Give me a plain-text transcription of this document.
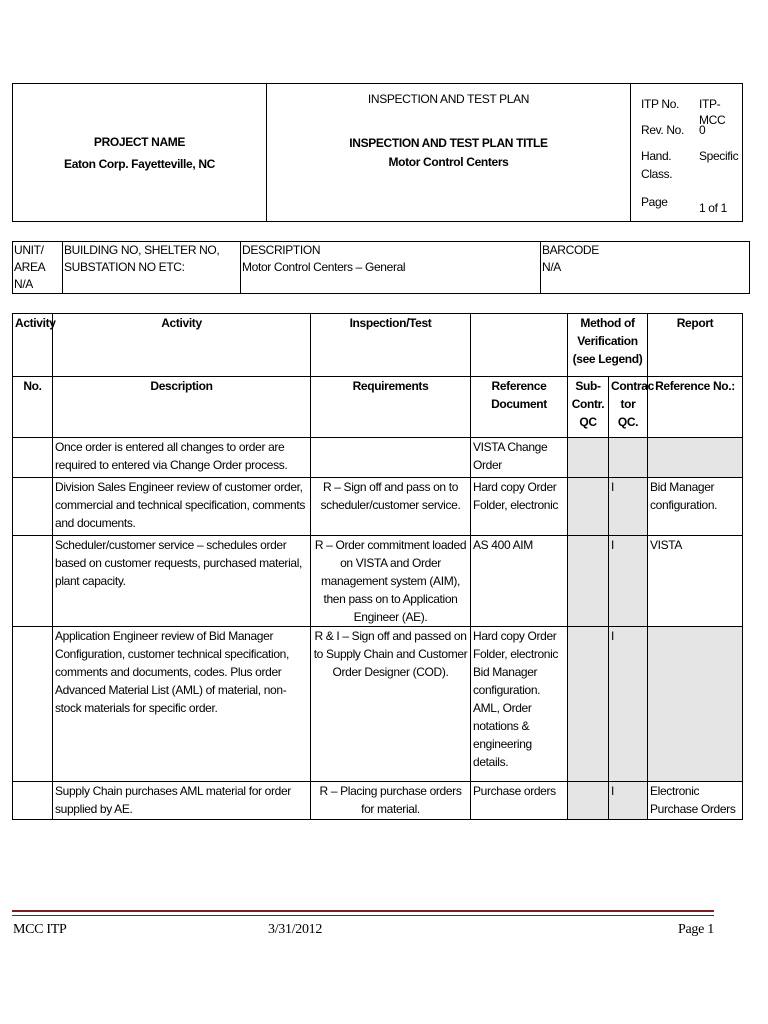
PROJECT NAME
Eaton Corp. Fayetteville, NC

INSPECTION AND TEST PLAN
INSPECTION AND TEST PLAN TITLE
Motor Control Centers

ITP No. ITP-MCC
Rev. No. 0
Hand.
Class.
Specific
Page	1 of 1
UNIT/
AREA N/A

BUILDING NO, SHELTER NO,
SUBSTATION NO ETC:

DESCRIPTION
Motor Control Centers – General

BARCODE
N/A
Activity	Activity	Inspection/Test		Method of Verification (see Legend)		Report
No.	Description	Requirements	Reference Document	Sub- Contr. QC	Contrac tor QC.	Reference No.:
	Once order is entered all changes to order are required to entered via Change Order process.		VISTA Change Order			
	Division Sales Engineer review of customer order, commercial and technical specification, comments and documents.	R – Sign off and pass on to scheduler/customer service.	Hard copy Order Folder, electronic		I	Bid Manager configuration.
	Scheduler/customer service – schedules order based on customer requests, purchased material, plant capacity.	R – Order commitment loaded on VISTA and Order management system (AIM), then pass on to Application Engineer (AE).	AS 400 AIM		I	VISTA
	Application Engineer review of Bid Manager Configuration, customer technical specification, comments and documents, codes. Plus order Advanced Material List (AML) of material, non-stock materials for specific order.	R & I – Sign off and passed on to Supply Chain and Customer Order Designer (COD).	Hard copy Order Folder, electronic Bid Manager configuration. AML, Order notations & engineering details.		I	
	Supply Chain purchases AML material for order supplied by AE.	R – Placing purchase orders for material.	Purchase orders		I	Electronic Purchase Orders
MCC ITP	3/31/2012	Page 1
